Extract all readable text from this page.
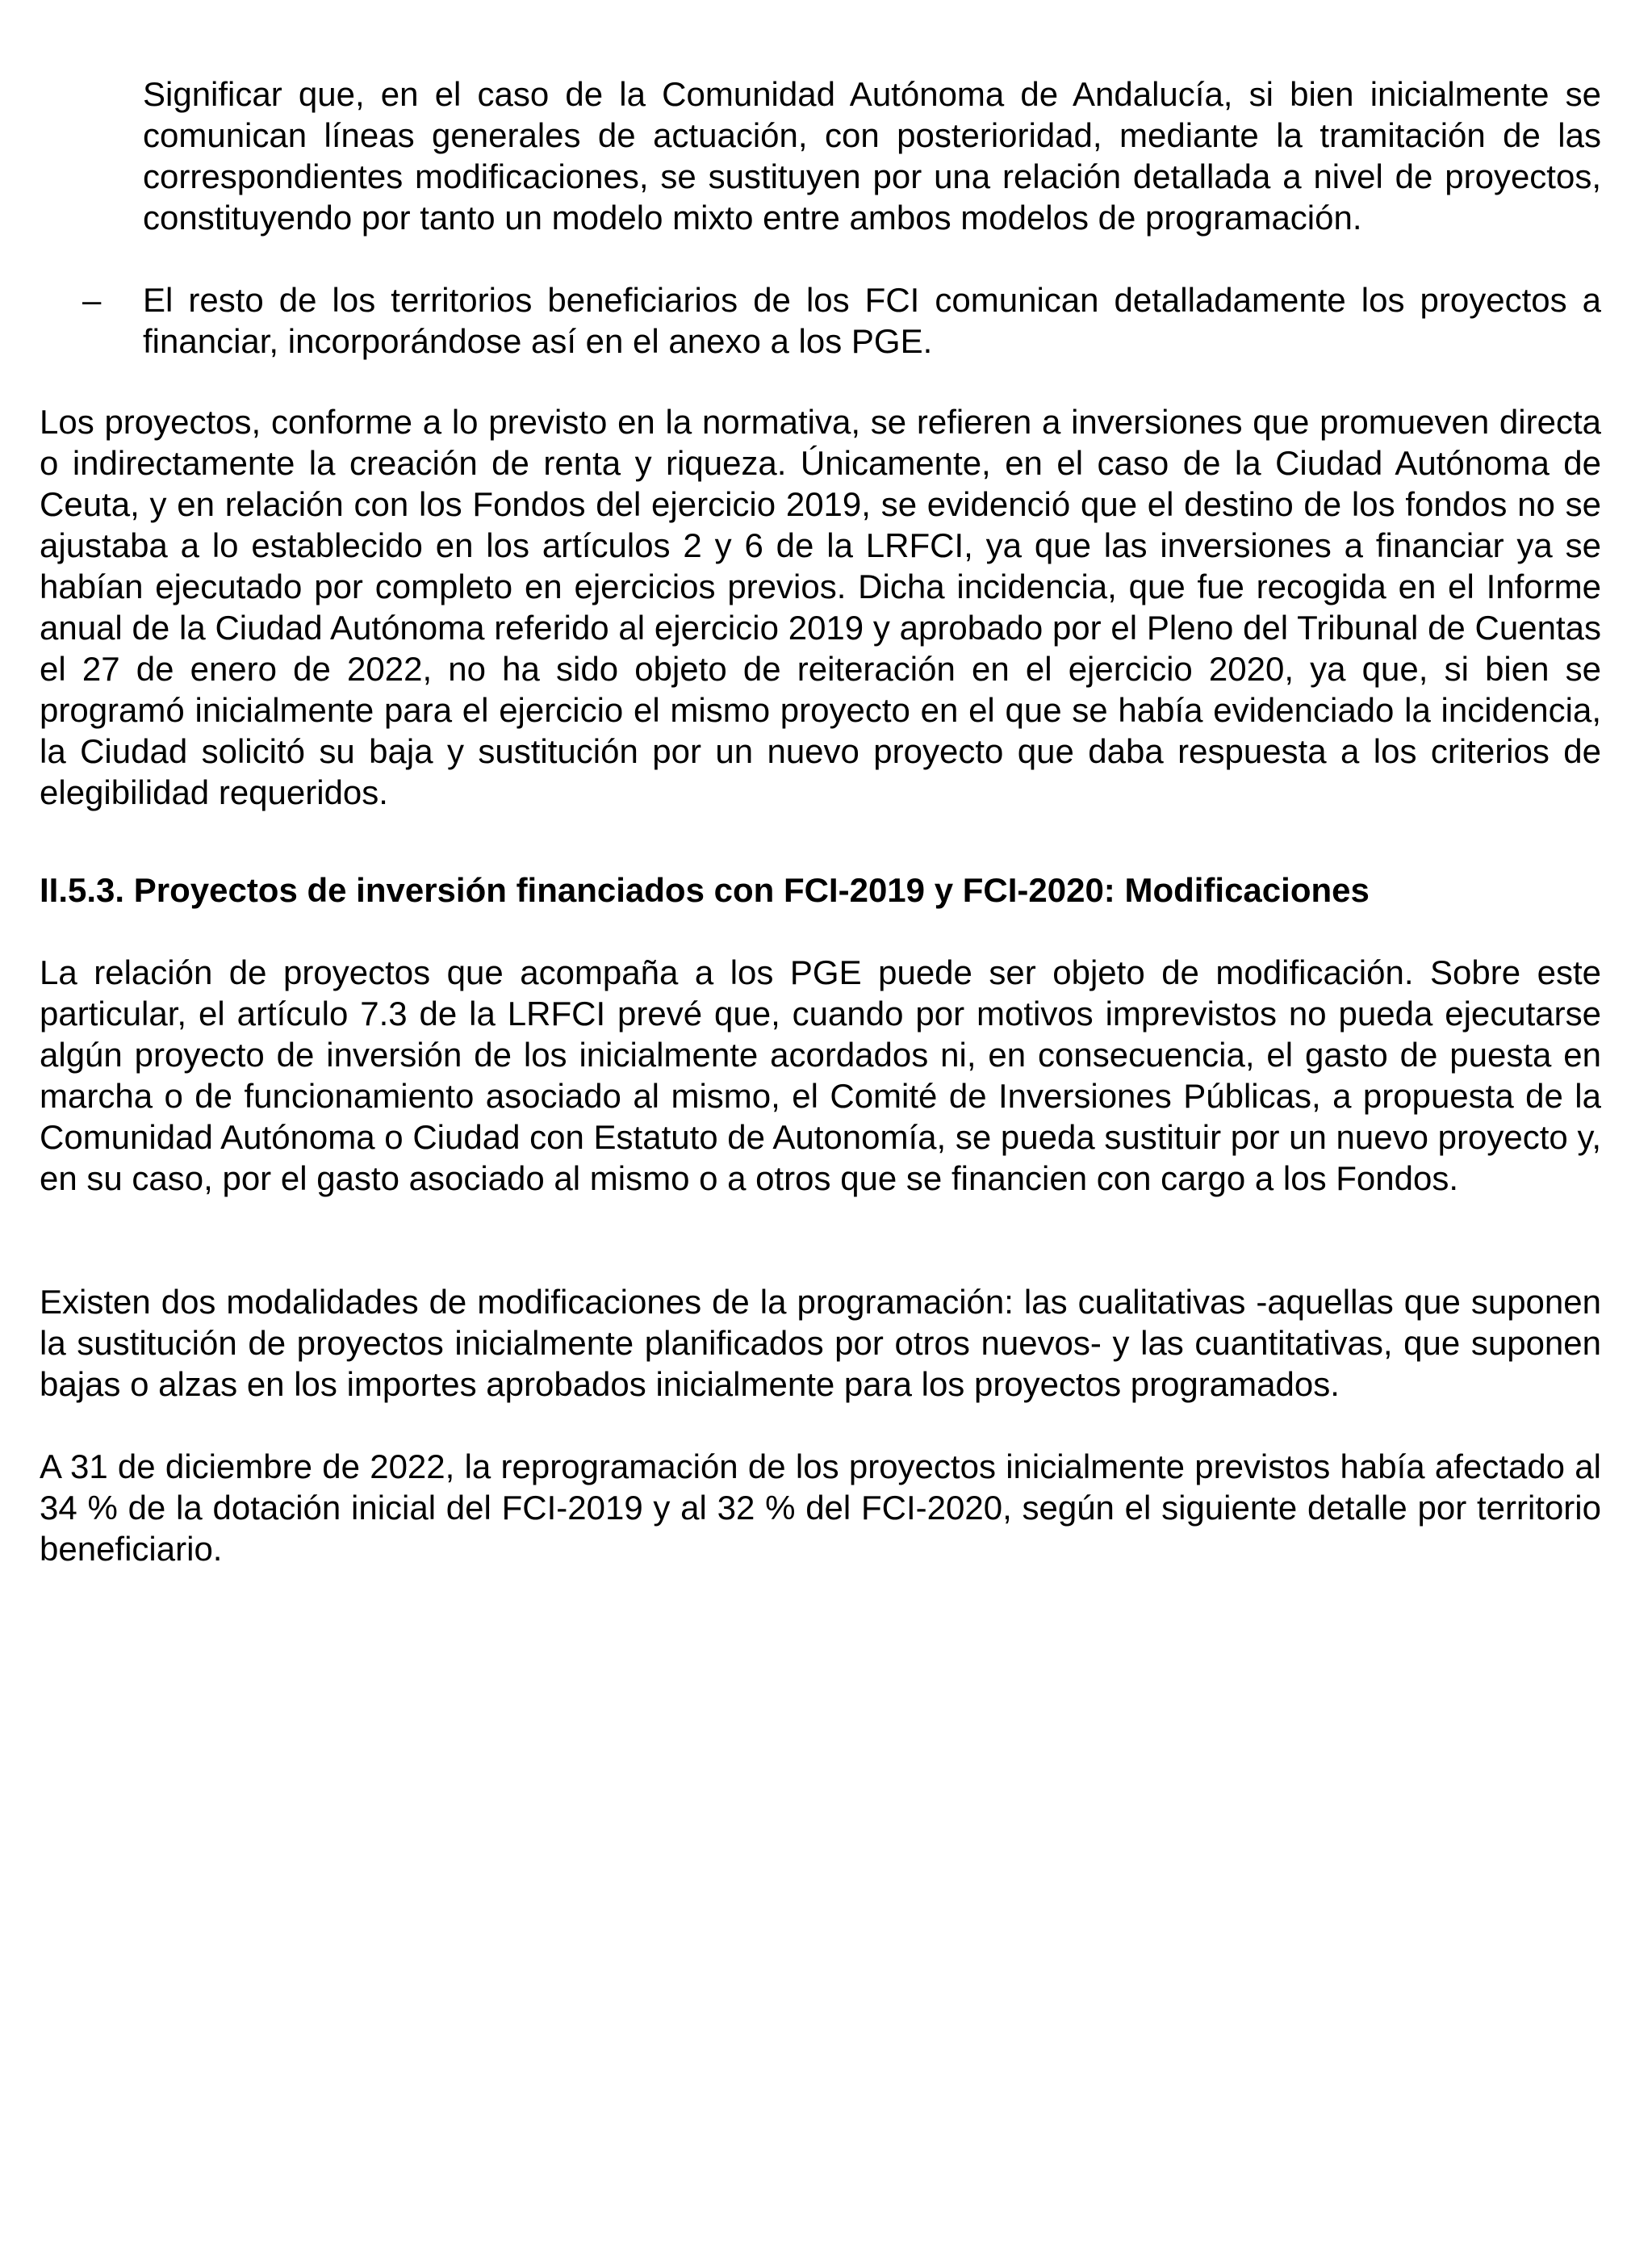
Significar que, en el caso de la Comunidad Autónoma de Andalucía, si bien inicialmente se comunican líneas generales de actuación, con posterioridad, mediante la tramitación de las correspondientes modificaciones, se sustituyen por una relación detallada a nivel de proyectos, constituyendo por tanto un modelo mixto entre ambos modelos de programación.

– El resto de los territorios beneficiarios de los FCI comunican detalladamente los proyectos a financiar, incorporándose así en el anexo a los PGE.

Los proyectos, conforme a lo previsto en la normativa, se refieren a inversiones que promueven directa o indirectamente la creación de renta y riqueza. Únicamente, en el caso de la Ciudad Autónoma de Ceuta, y en relación con los Fondos del ejercicio 2019, se evidenció que el destino de los fondos no se ajustaba a lo establecido en los artículos 2 y 6 de la LRFCI, ya que las inversiones a financiar ya se habían ejecutado por completo en ejercicios previos. Dicha incidencia, que fue recogida en el Informe anual de la Ciudad Autónoma referido al ejercicio 2019 y aprobado por el Pleno del Tribunal de Cuentas el 27 de enero de 2022, no ha sido objeto de reiteración en el ejercicio 2020, ya que, si bien se programó inicialmente para el ejercicio el mismo proyecto en el que se había evidenciado la incidencia, la Ciudad solicitó su baja y sustitución por un nuevo proyecto que daba respuesta a los criterios de elegibilidad requeridos.

II.5.3. Proyectos de inversión financiados con FCI-2019 y FCI-2020: Modificaciones

La relación de proyectos que acompaña a los PGE puede ser objeto de modificación. Sobre este particular, el artículo 7.3 de la LRFCI prevé que, cuando por motivos imprevistos no pueda ejecutarse algún proyecto de inversión de los inicialmente acordados ni, en consecuencia, el gasto de puesta en marcha o de funcionamiento asociado al mismo, el Comité de Inversiones Públicas, a propuesta de la Comunidad Autónoma o Ciudad con Estatuto de Autonomía, se pueda sustituir por un nuevo proyecto y, en su caso, por el gasto asociado al mismo o a otros que se financien con cargo a los Fondos.

Existen dos modalidades de modificaciones de la programación: las cualitativas -aquellas que suponen la sustitución de proyectos inicialmente planificados por otros nuevos- y las cuantitativas, que suponen bajas o alzas en los importes aprobados inicialmente para los proyectos programados.

A 31 de diciembre de 2022, la reprogramación de los proyectos inicialmente previstos había afectado al 34 % de la dotación inicial del FCI-2019 y al 32 % del FCI-2020, según el siguiente detalle por territorio beneficiario.
